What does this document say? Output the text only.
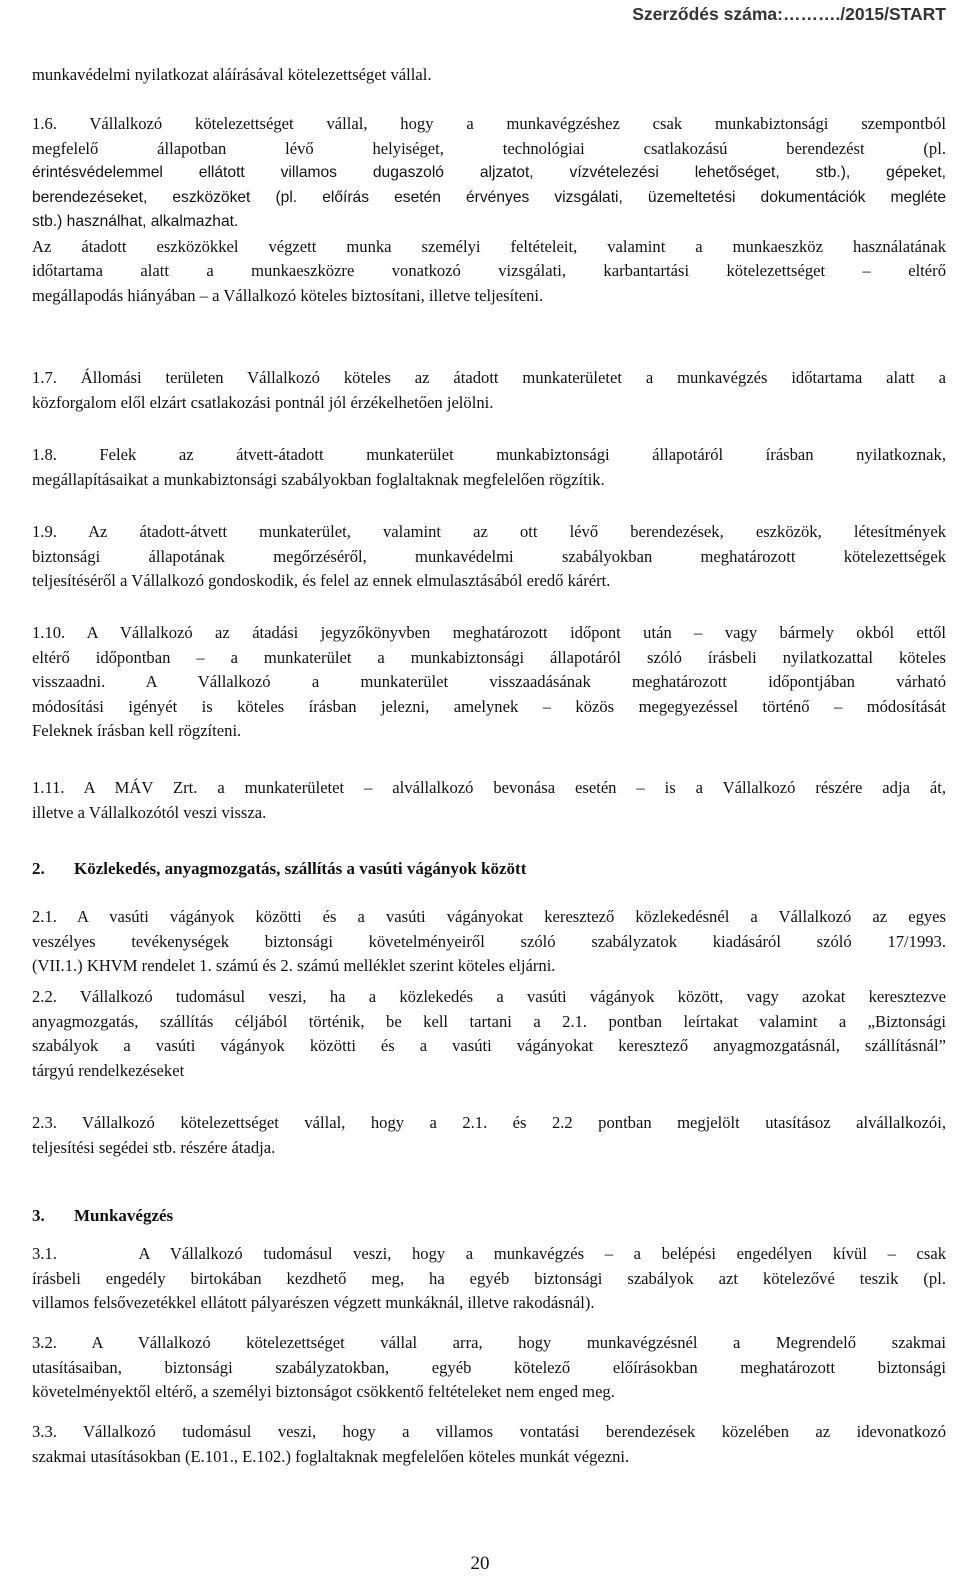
Szerződés száma:………./2015/START

munkavédelmi nyilatkozat aláírásával kötelezettséget vállal.

1.6. Vállalkozó kötelezettséget vállal, hogy a munkavégzéshez csak munkabiztonsági szempontból
megfelelő állapotban lévő helyiséget, technológiai csatlakozású berendezést (pl.
érintésvédelemmel ellátott villamos dugaszoló aljzatot, vízvételezési lehetőséget, stb.), gépeket,
berendezéseket, eszközöket (pl. előírás esetén érvényes vizsgálati, üzemeltetési dokumentációk megléte
stb.) használhat, alkalmazhat.
Az átadott eszközökkel végzett munka személyi feltételeit, valamint a munkaeszköz használatának
időtartama alatt a munkaeszközre vonatkozó vizsgálati, karbantartási kötelezettséget – eltérő
megállapodás hiányában – a Vállalkozó köteles biztosítani, illetve teljesíteni.
1.7. Állomási területen Vállalkozó köteles az átadott munkaterületet a munkavégzés időtartama alatt a
közforgalom elől elzárt csatlakozási pontnál jól érzékelhetően jelölni.
1.8. Felek az átvett-átadott munkaterület munkabiztonsági állapotáról írásban nyilatkoznak,
megállapításaikat a munkabiztonsági szabályokban foglaltaknak megfelelően rögzítik.
1.9. Az átadott-átvett munkaterület, valamint az ott lévő berendezések, eszközök, létesítmények
biztonsági állapotának megőrzéséről, munkavédelmi szabályokban meghatározott kötelezettségek
teljesítéséről a Vállalkozó gondoskodik, és felel az ennek elmulasztásából eredő kárért.
1.10. A Vállalkozó az átadási jegyzőkönyvben meghatározott időpont után – vagy bármely okból ettől
eltérő időpontban – a munkaterület a munkabiztonsági állapotáról szóló írásbeli nyilatkozattal köteles
visszaadni. A Vállalkozó a munkaterület visszaadásának meghatározott időpontjában várható
módosítási igényét is köteles írásban jelezni, amelynek – közös megegyezéssel történő – módosítását
Feleknek írásban kell rögzíteni.
1.11. A MÁV Zrt. a munkaterületet – alvállalkozó bevonása esetén – is a Vállalkozó részére adja át,
illetve a Vállalkozótól veszi vissza.
2. Közlekedés, anyagmozgatás, szállítás a vasúti vágányok között
2.1. A vasúti vágányok közötti és a vasúti vágányokat keresztező közlekedésnél a Vállalkozó az egyes
veszélyes tevékenységek biztonsági követelményeiről szóló szabályzatok kiadásáról szóló 17/1993.
(VII.1.) KHVM rendelet 1. számú és 2. számú melléklet szerint köteles eljárni.
2.2. Vállalkozó tudomásul veszi, ha a közlekedés a vasúti vágányok között, vagy azokat keresztezve
anyagmozgatás, szállítás céljából történik, be kell tartani a 2.1. pontban leírtakat valamint a „Biztonsági
szabályok a vasúti vágányok közötti és a vasúti vágányokat keresztező anyagmozgatásnál, szállításnál”
tárgyú rendelkezéseket
2.3. Vállalkozó kötelezettséget vállal, hogy a 2.1. és 2.2 pontban megjelölt utasításoz alvállalkozói,
teljesítési segédei stb. részére átadja.
3. Munkavégzés
3.1.    A Vállalkozó tudomásul veszi, hogy a munkavégzés – a belépési engedélyen kívül – csak
írásbeli engedély birtokában kezdhető meg, ha egyéb biztonsági szabályok azt kötelezővé teszik (pl.
villamos felsővezetékkel ellátott pályarészen végzett munkáknál, illetve rakodásnál).
3.2. A Vállalkozó kötelezettséget vállal arra, hogy munkavégzésnél a Megrendelő szakmai
utasításaiban, biztonsági szabályzatokban, egyéb kötelező előírásokban meghatározott biztonsági
követelményektől eltérő, a személyi biztonságot csökkentő feltételeket nem enged meg.
3.3. Vállalkozó tudomásul veszi, hogy a villamos vontatási berendezések közelében az idevonatkozó
szakmai utasításokban (E.101., E.102.) foglaltaknak megfelelően köteles munkát végezni.
20
